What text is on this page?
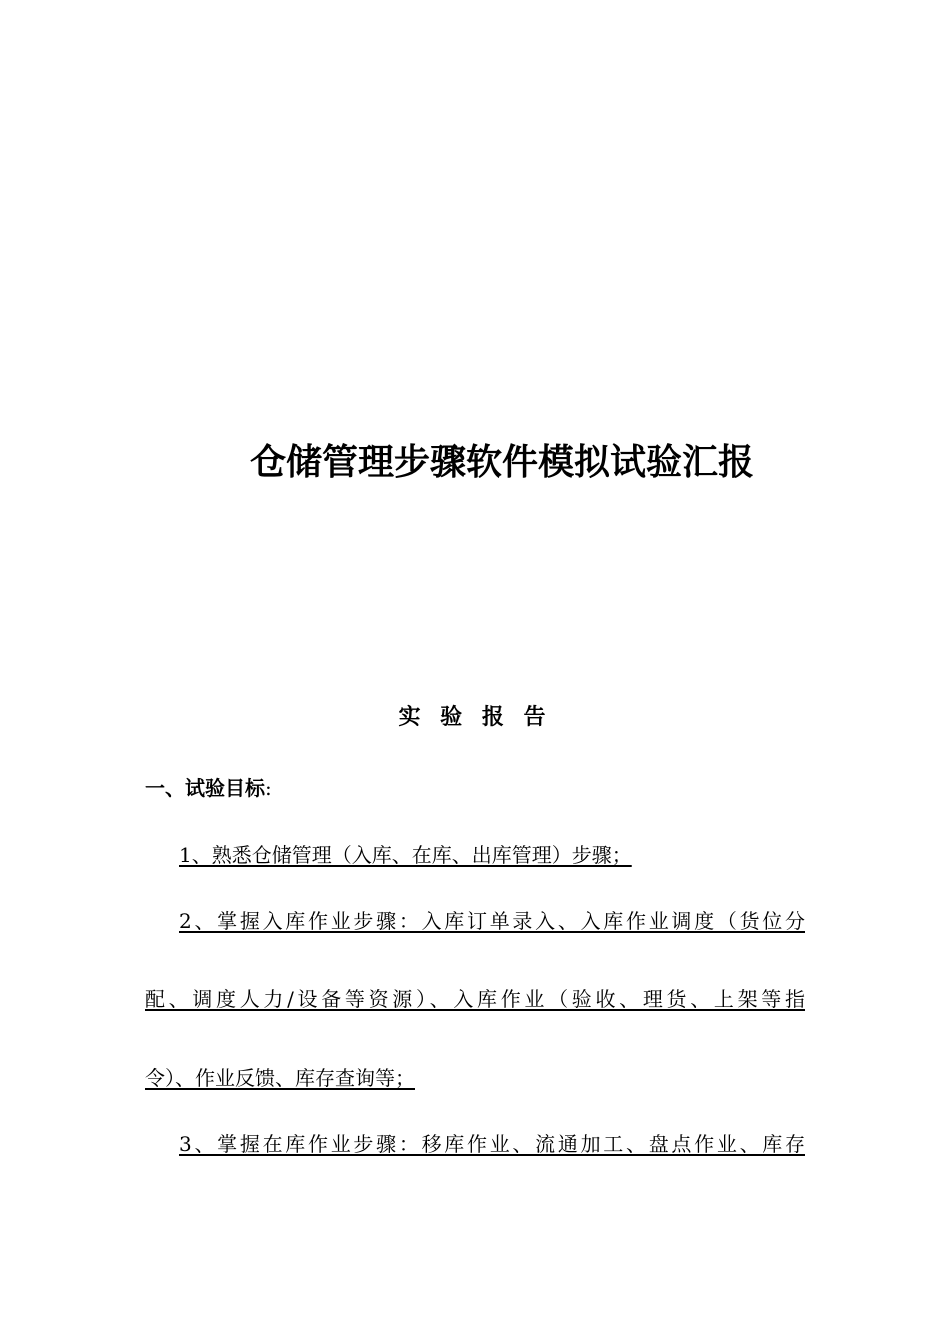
仓储管理步骤软件模拟试验汇报
实 验 报 告
一、试验目标:
1、熟悉仓储管理（入库、在库、出库管理）步骤；
2、掌握入库作业步骤：入库订单录入、入库作业调度（货位分
配、调度人力/设备等资源）、入库作业（验收、理货、上架等指
令）、作业反馈、库存查询等；
3、掌握在库作业步骤：移库作业、流通加工、盘点作业、库存
